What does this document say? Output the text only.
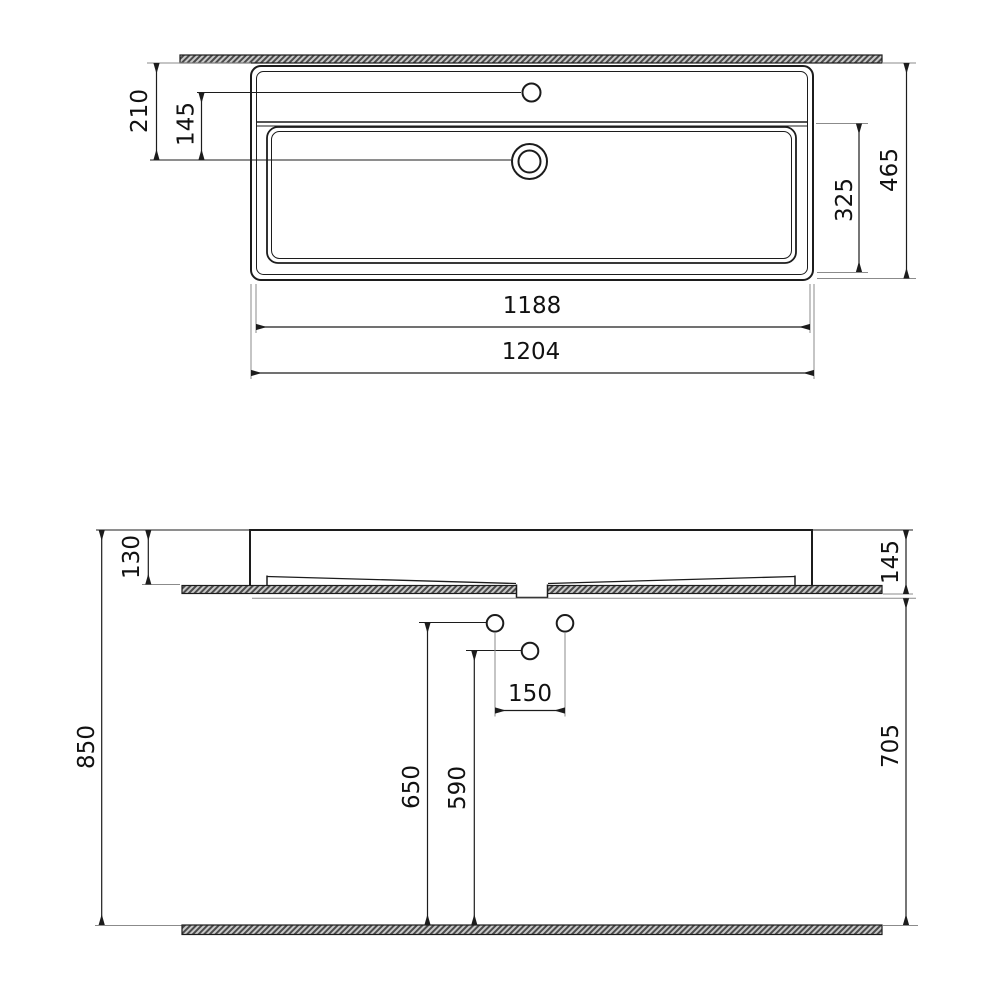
210 145
325
465
1188
1204
130
850
650 590
150
145
705
